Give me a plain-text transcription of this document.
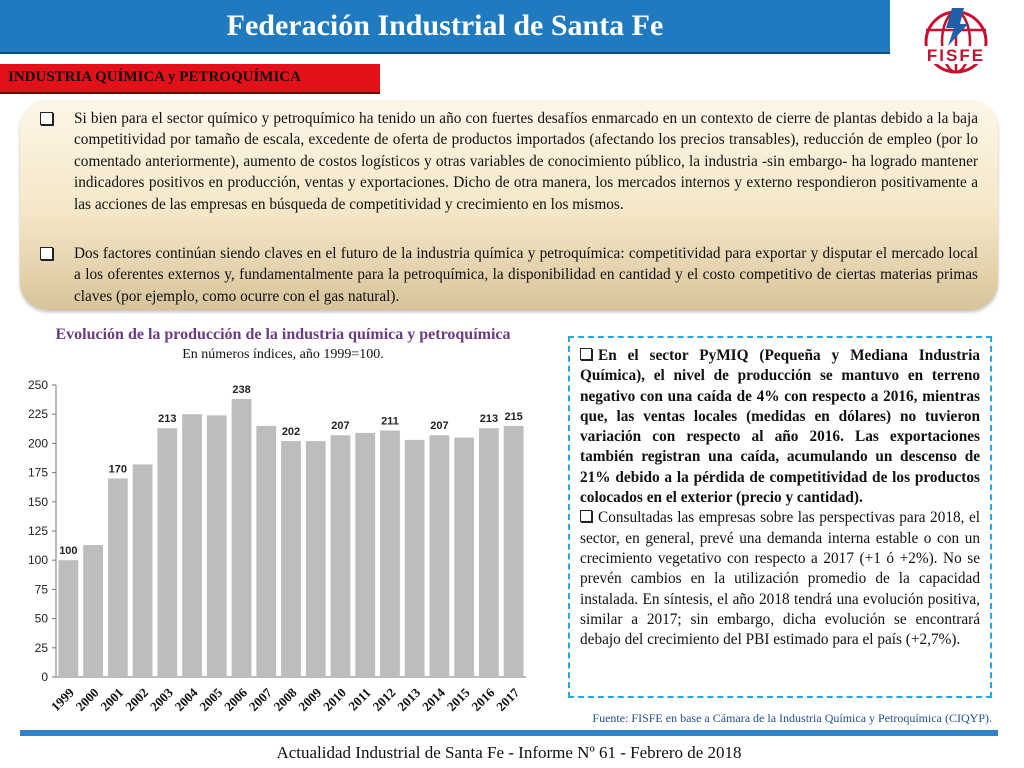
Federación Industrial de Santa Fe
FISFE
INDUSTRIA QUÍMICA y PETROQUÍMICA

Si bien para el sector químico y petroquímico ha tenido un año con fuertes desafíos enmarcado en un contexto de cierre de plantas debido a la baja competitividad por tamaño de escala, excedente de oferta de productos importados (afectando los precios transables), reducción de empleo (por lo comentado anteriormente), aumento de costos logísticos y otras variables de conocimiento público, la industria -sin embargo- ha logrado mantener indicadores positivos en producción, ventas y exportaciones. Dicho de otra manera, los mercados internos y externo respondieron positivamente a las acciones de las empresas en búsqueda de competitividad y crecimiento en los mismos.

Dos factores continúan siendo claves en el futuro de la industria química y petroquímica: competitividad para exportar y disputar el mercado local a los oferentes externos y, fundamentalmente para la petroquímica, la disponibilidad en cantidad y el costo competitivo de ciertas materias primas claves (por ejemplo, como ocurre con el gas natural).

Evolución de la producción de la industria química y petroquímica
En números índices, año 1999=100.
0
25
50
75
100
125
150
175
200
225
250
100
1999
2000
170
2001
2002
213
2003
2004
2005
238
2006
2007
202
2008
2009
207
2010
2011
211
2012
2013
207
2014
2015
213
2016
215
2017
En el sector PyMIQ (Pequeña y Mediana Industria Química), el nivel de producción se mantuvo en terreno negativo con una caída de 4% con respecto a 2016, mientras que, las ventas locales (medidas en dólares) no tuvieron variación con respecto al año 2016. Las exportaciones también registran una caída, acumulando un descenso de 21% debido a la pérdida de competitividad de los productos colocados en el exterior (precio y cantidad).
Consultadas las empresas sobre las perspectivas para 2018, el sector, en general, prevé una demanda interna estable o con un crecimiento vegetativo con respecto a 2017 (+1 ó +2%). No se prevén cambios en la utilización promedio de la capacidad instalada. En síntesis, el año 2018 tendrá una evolución positiva, similar a 2017; sin embargo, dicha evolución se encontrará debajo del crecimiento del PBI estimado para el país (+2,7%).
Fuente: FISFE en base a Cámara de la Industria Química y Petroquímica (CIQYP).
Actualidad Industrial de Santa Fe - Informe Nº 61 - Febrero de 2018
